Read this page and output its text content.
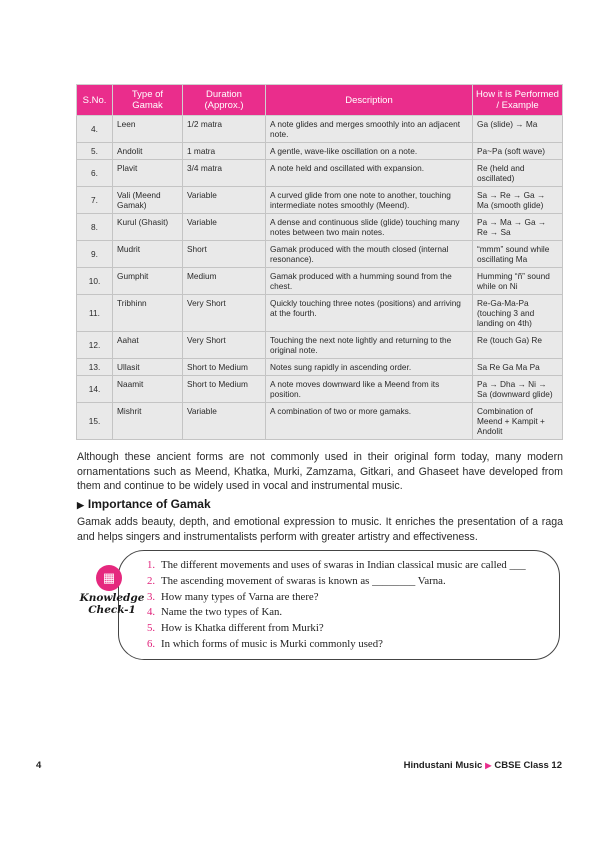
S.No.	Type of Gamak	Duration (Approx.)	Description	How it is Performed / Example
4.	Leen	1/2 matra	A note glides and merges smoothly into an adjacent note.	Ga (slide) → Ma
5.	Andolit	1 matra	A gentle, wave-like oscillation on a note.	Pa~Pa (soft wave)
6.	Plavit	3/4 matra	A note held and oscillated with expansion.	Re (held and oscillated)
7.	Vali (Meend Gamak)	Variable	A curved glide from one note to another, touching intermediate notes smoothly (Meend).	Sa → Re → Ga → Ma (smooth glide)
8.	Kurul (Ghasit)	Variable	A dense and continuous slide (glide) touching many notes between two main notes.	Pa → Ma → Ga → Re → Sa
9.	Mudrit	Short	Gamak produced with the mouth closed (internal resonance).	“mmm” sound while oscillating Ma
10.	Gumphit	Medium	Gamak produced with a humming sound from the chest.	Humming “ñ” sound while on Ni
11.	Tribhinn	Very Short	Quickly touching three notes (positions) and arriving at the fourth.	Re-Ga-Ma-Pa (touching 3 and landing on 4th)
12.	Aahat	Very Short	Touching the next note lightly and returning to the original note.	Re (touch Ga) Re
13.	Ullasit	Short to Medium	Notes sung rapidly in ascending order.	Sa Re Ga Ma Pa
14.	Naamit	Short to Medium	A note moves downward like a Meend from its position.	Pa → Dha → Ni → Sa (downward glide)
15.	Mishrit	Variable	A combination of two or more gamaks.	Combination of Meend + Kampit + Andolit

Although these ancient forms are not commonly used in their original form today, many modern ornamentations such as Meend, Khatka, Murki, Zamzama, Gitkari, and Ghaseet have developed from them and continue to be widely used in vocal and instrumental music.

▶ Importance of Gamak

Gamak adds beauty, depth, and emotional expression to music. It enriches the presentation of a raga and helps singers and instrumentalists perform with greater artistry and effectiveness.

▦
Knowledge Check-1
1. The different movements and uses of swaras in Indian classical music are called ___
2. The ascending movement of swaras is known as ________ Varna.
3. How many types of Varna are there?
4. Name the two types of Kan.
5. How is Khatka different from Murki?
6. In which forms of music is Murki commonly used?
4	Hindustani Music ▶ CBSE Class 12
